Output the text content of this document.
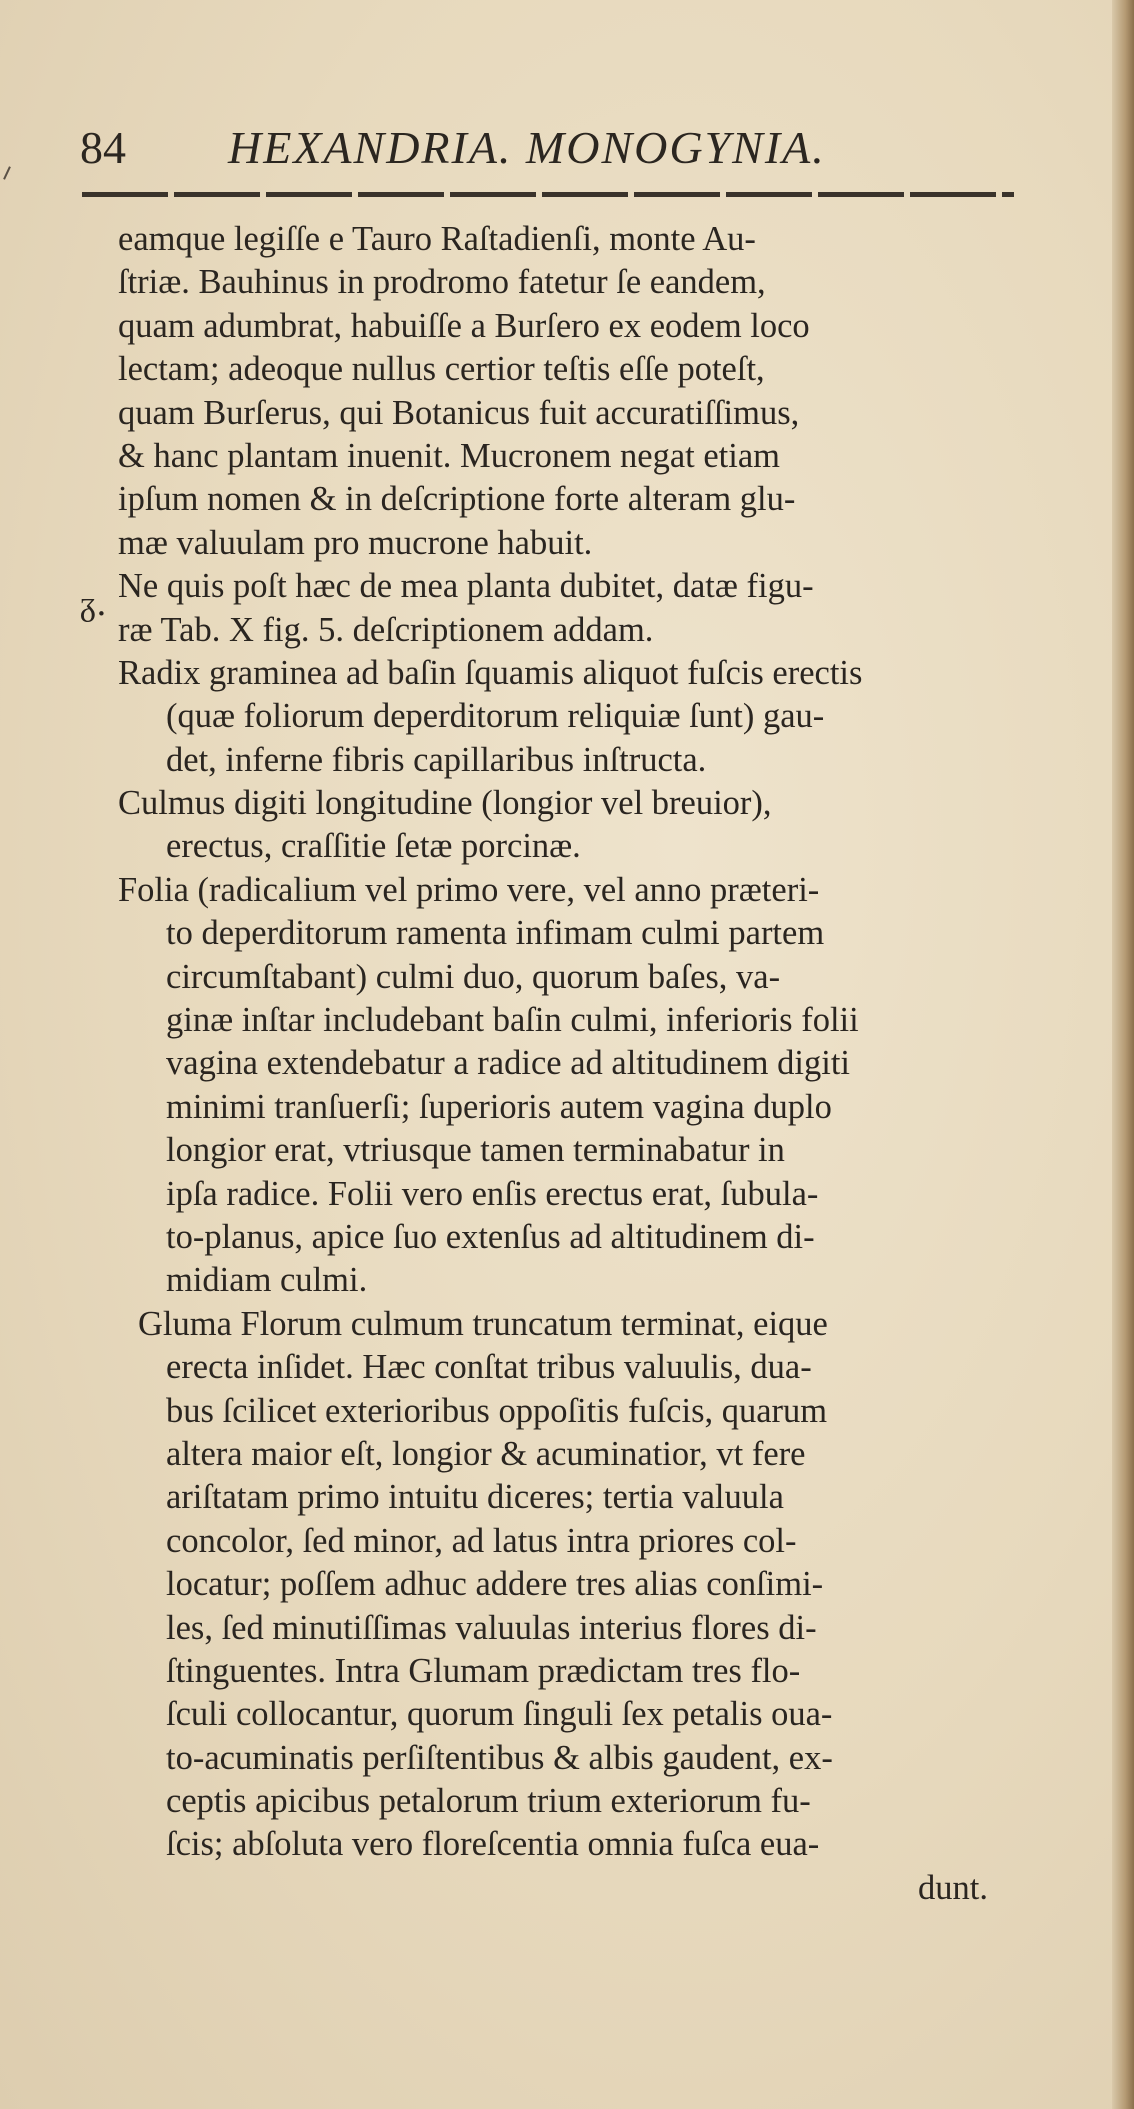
84 HEXANDRIA. MONOGYNIA.
ᵹ.
eamque legiſſe e Tauro Raſtadienſi, monte Au-
ſtriæ. Bauhinus in prodromo fatetur ſe eandem,
quam adumbrat, habuiſſe a Burſero ex eodem loco
lectam; adeoque nullus certior teſtis eſſe poteſt,
quam Burſerus, qui Botanicus fuit accuratiſſimus,
& hanc plantam inuenit. Mucronem negat etiam
ipſum nomen & in deſcriptione forte alteram glu-
mæ valuulam pro mucrone habuit.
Ne quis poſt hæc de mea planta dubitet, datæ figu-
ræ Tab. X fig. 5. deſcriptionem addam.
Radix graminea ad baſin ſquamis aliquot fuſcis erectis
(quæ foliorum deperditorum reliquiæ ſunt) gau-
det, inferne fibris capillaribus inſtructa.
Culmus digiti longitudine (longior vel breuior),
erectus, craſſitie ſetæ porcinæ.
Folia (radicalium vel primo vere, vel anno præteri-
to deperditorum ramenta infimam culmi partem
circumſtabant) culmi duo, quorum baſes, va-
ginæ inſtar includebant baſin culmi, inferioris folii
vagina extendebatur a radice ad altitudinem digiti
minimi tranſuerſi; ſuperioris autem vagina duplo
longior erat, vtriusque tamen terminabatur in
ipſa radice. Folii vero enſis erectus erat, ſubula-
to-planus, apice ſuo extenſus ad altitudinem di-
midiam culmi.
Gluma Florum culmum truncatum terminat, eique
erecta inſidet. Hæc conſtat tribus valuulis, dua-
bus ſcilicet exterioribus oppoſitis fuſcis, quarum
altera maior eſt, longior & acuminatior, vt fere
ariſtatam primo intuitu diceres; tertia valuula
concolor, ſed minor, ad latus intra priores col-
locatur; poſſem adhuc addere tres alias conſimi-
les, ſed minutiſſimas valuulas interius flores di-
ſtinguentes. Intra Glumam prædictam tres flo-
ſculi collocantur, quorum ſinguli ſex petalis oua-
to-acuminatis perſiſtentibus & albis gaudent, ex-
ceptis apicibus petalorum trium exteriorum fu-
ſcis; abſoluta vero floreſcentia omnia fuſca eua-
dunt.
